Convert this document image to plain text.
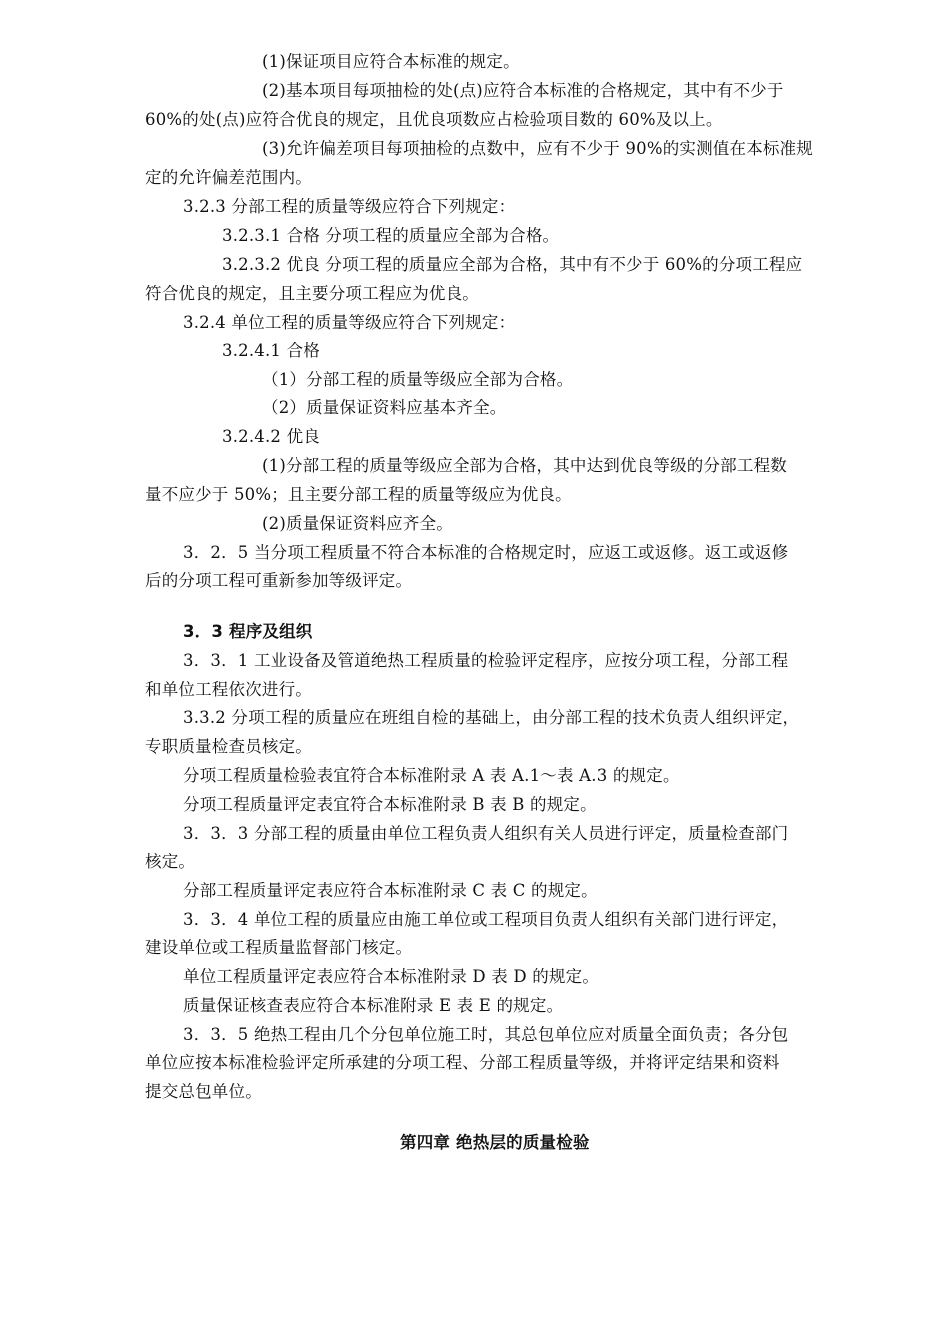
(1)保证项目应符合本标准的规定。
(2)基本项目每项抽检的处(点)应符合本标准的合格规定，其中有不少于
60%的处(点)应符合优良的规定，且优良项数应占检验项目数的 60%及以上。
(3)允许偏差项目每项抽检的点数中，应有不少于 90%的实测值在本标准规
定的允许偏差范围内。
3.2.3 分部工程的质量等级应符合下列规定：
3.2.3.1 合格 分项工程的质量应全部为合格。
3.2.3.2 优良 分项工程的质量应全部为合格，其中有不少于 60%的分项工程应
符合优良的规定，且主要分项工程应为优良。
3.2.4 单位工程的质量等级应符合下列规定：
3.2.4.1 合格
（1）分部工程的质量等级应全部为合格。
（2）质量保证资料应基本齐全。
3.2.4.2 优良
(1)分部工程的质量等级应全部为合格，其中达到优良等级的分部工程数
量不应少于 50%；且主要分部工程的质量等级应为优良。
(2)质量保证资料应齐全。
3．2．5 当分项工程质量不符合本标准的合格规定时，应返工或返修。返工或返修
后的分项工程可重新参加等级评定。
3．3 程序及组织
3．3．1 工业设备及管道绝热工程质量的检验评定程序，应按分项工程，分部工程
和单位工程依次进行。
3.3.2 分项工程的质量应在班组自检的基础上，由分部工程的技术负责人组织评定，
专职质量检查员核定。
分项工程质量检验表宜符合本标准附录 A 表 A.1～表 A.3 的规定。
分项工程质量评定表宜符合本标准附录 B 表 B 的规定。
3．3．3 分部工程的质量由单位工程负责人组织有关人员进行评定，质量检查部门
核定。
分部工程质量评定表应符合本标准附录 C 表 C 的规定。
3．3．4 单位工程的质量应由施工单位或工程项目负责人组织有关部门进行评定，
建设单位或工程质量监督部门核定。
单位工程质量评定表应符合本标准附录 D 表 D 的规定。
质量保证核查表应符合本标准附录 E 表 E 的规定。
3．3．5 绝热工程由几个分包单位施工时，其总包单位应对质量全面负责；各分包
单位应按本标准检验评定所承建的分项工程、分部工程质量等级，并将评定结果和资料
提交总包单位。
第四章 绝热层的质量检验
